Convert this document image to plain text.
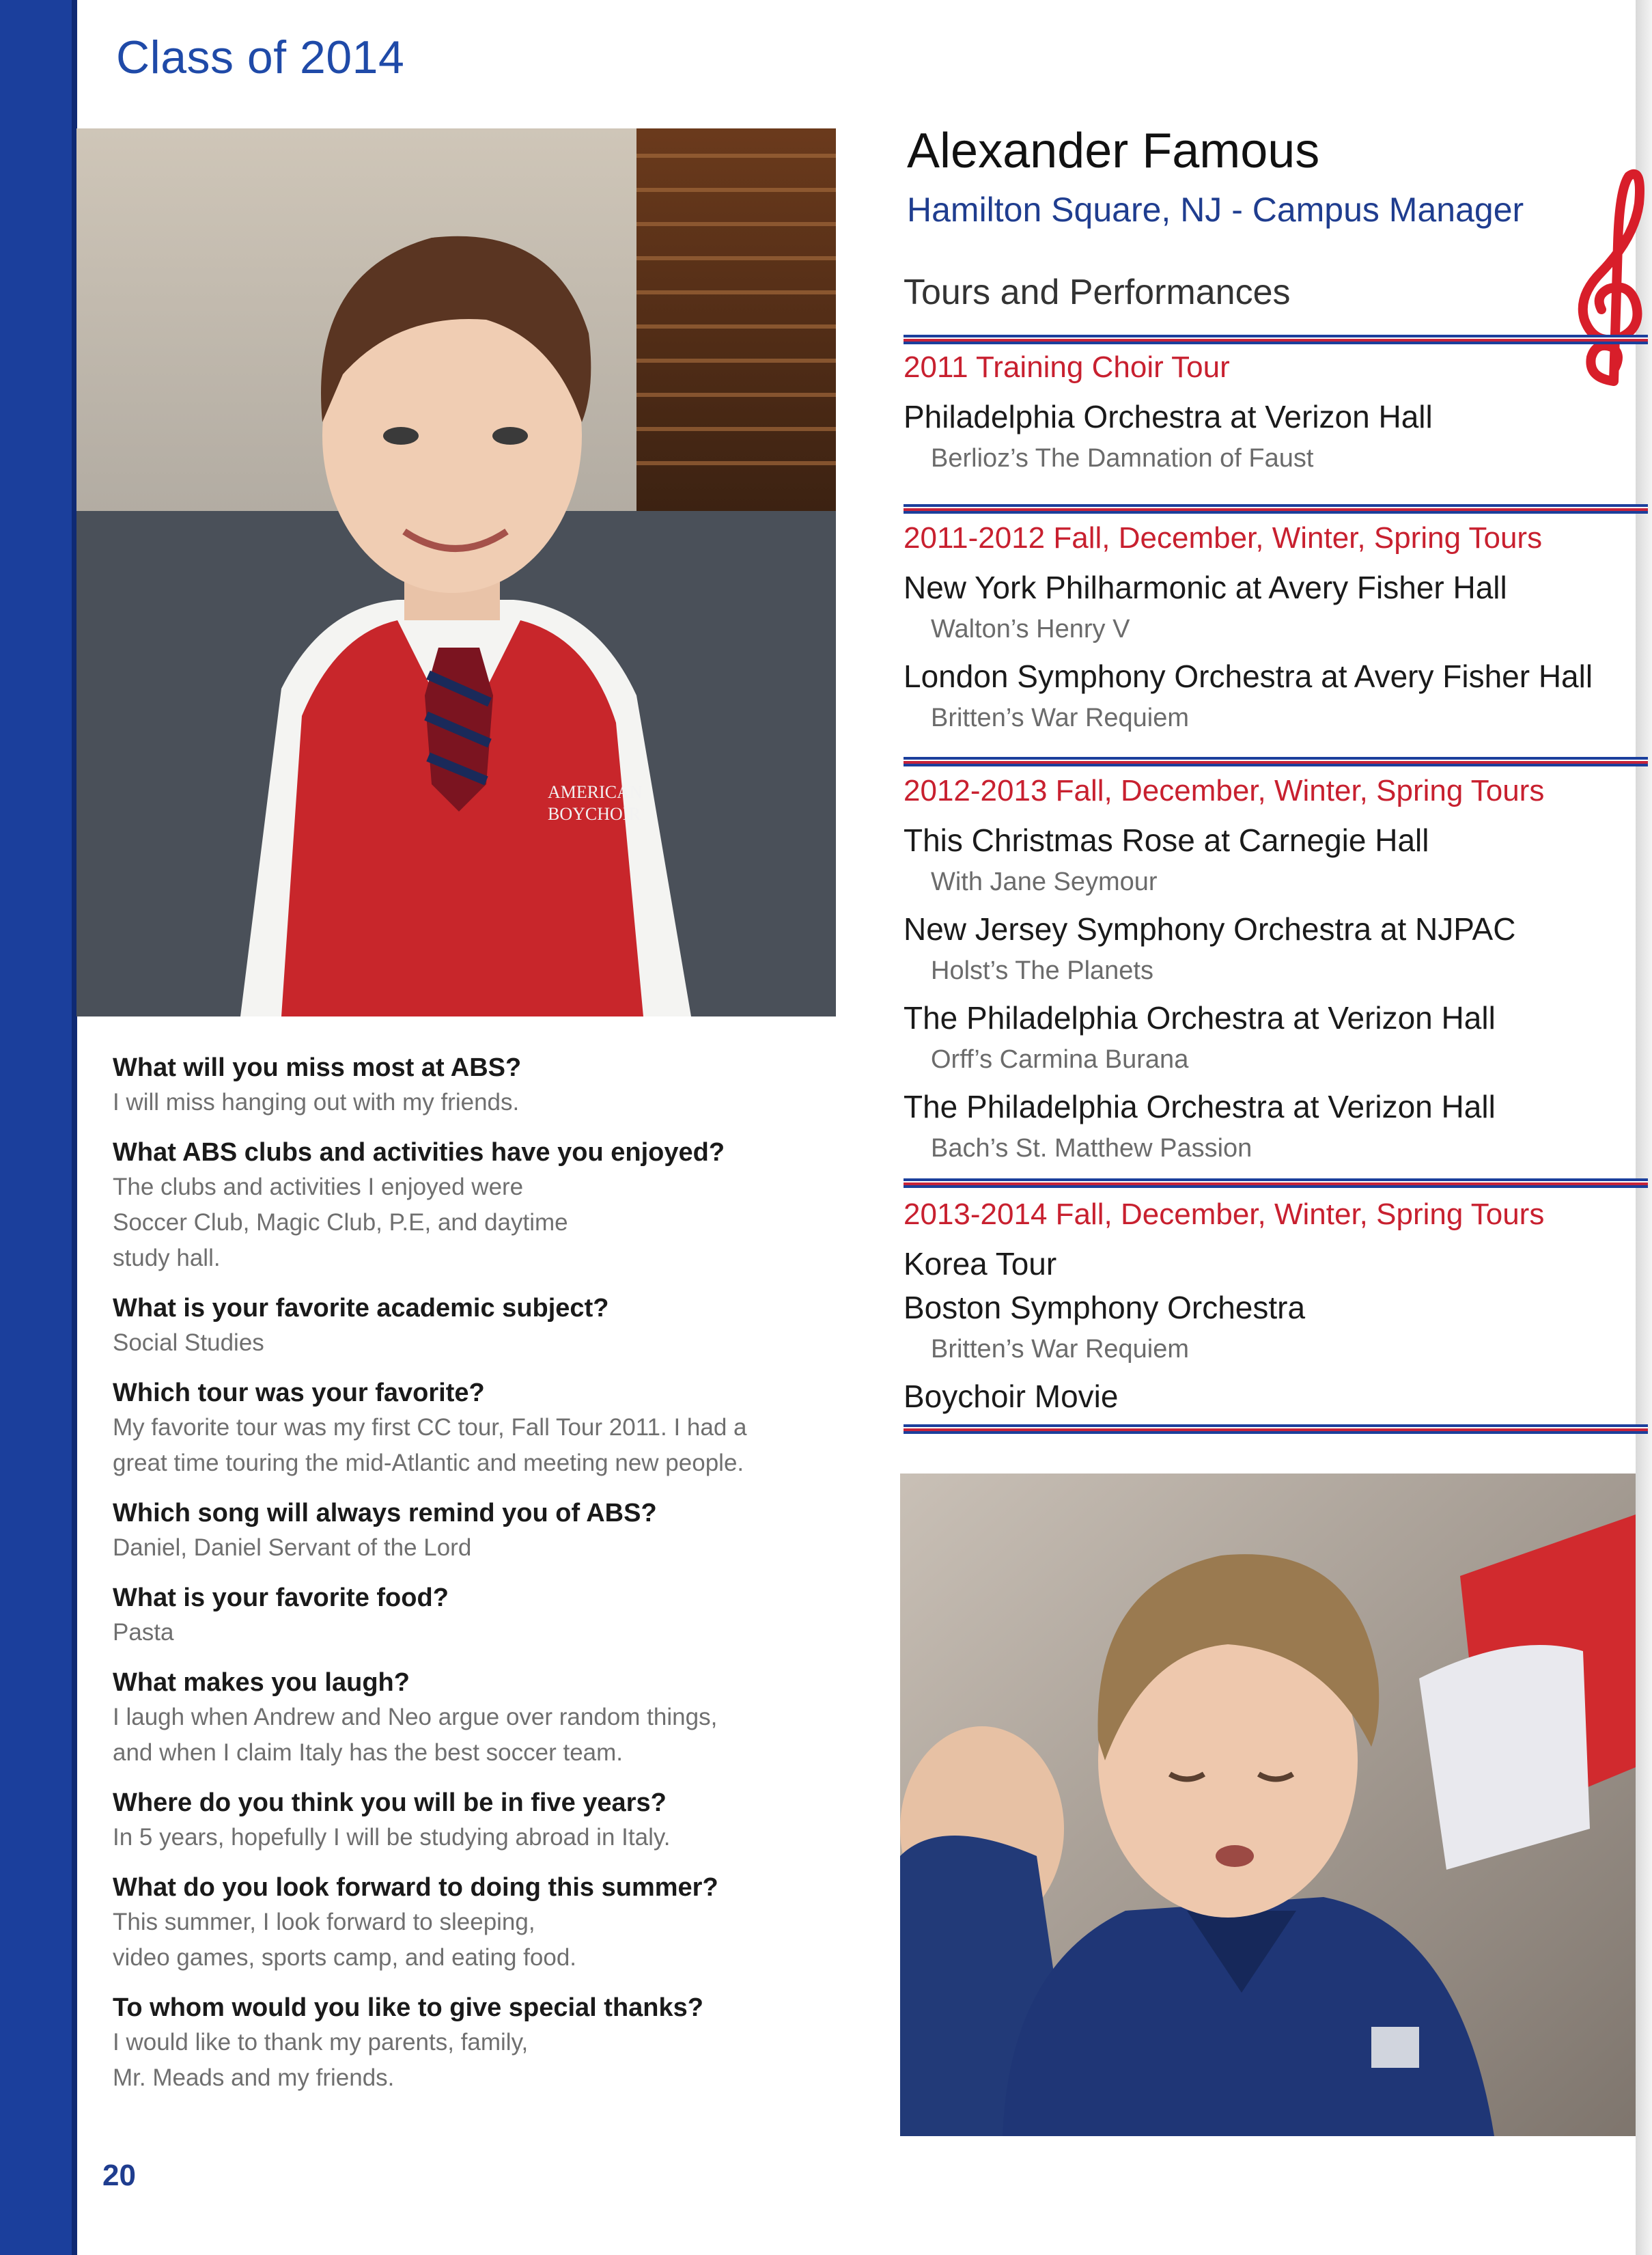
Class of 2014
AMERICAN
BOYCHOIR
Alexander Famous
Hamilton Square, NJ - Campus Manager
Tours and Performances

2011 Training Choir Tour

Philadelphia Orchestra at Verizon Hall

Berlioz’s The Damnation of Faust

2011-2012 Fall, December, Winter, Spring Tours

New York Philharmonic at Avery Fisher Hall

Walton’s Henry V

London Symphony Orchestra at Avery Fisher Hall

Britten’s War Requiem

2012-2013 Fall, December, Winter, Spring Tours

This Christmas Rose at Carnegie Hall

With Jane Seymour

New Jersey Symphony Orchestra at NJPAC

Holst’s The Planets

The Philadelphia Orchestra at Verizon Hall

Orff’s Carmina Burana

The Philadelphia Orchestra at Verizon Hall

Bach’s St. Matthew Passion

2013-2014 Fall, December, Winter, Spring Tours

Korea Tour

Boston Symphony Orchestra

Britten’s War Requiem

Boychoir Movie

What will you miss most at ABS?

I will miss hanging out with my friends.

What ABS clubs and activities have you enjoyed?

The clubs and activities I enjoyed were Soccer Club, Magic Club, P.E, and daytime study hall.

What is your favorite academic subject?

Social Studies

Which tour was your favorite?

My favorite tour was my first CC tour, Fall Tour 2011. I had a great time touring the mid-Atlantic and meeting new people.

Which song will always remind you of ABS?

Daniel, Daniel Servant of the Lord

What is your favorite food?

Pasta

What makes you laugh?

I laugh when Andrew and Neo argue over random things, and when I claim Italy has the best soccer team.

Where do you think you will be in five years?

In 5 years, hopefully I will be studying abroad in Italy.

What do you look forward to doing this summer?

This summer, I look forward to sleeping, video games, sports camp, and eating food.

To whom would you like to give special thanks?

I would like to thank my parents, family, Mr. Meads and my friends.

20
